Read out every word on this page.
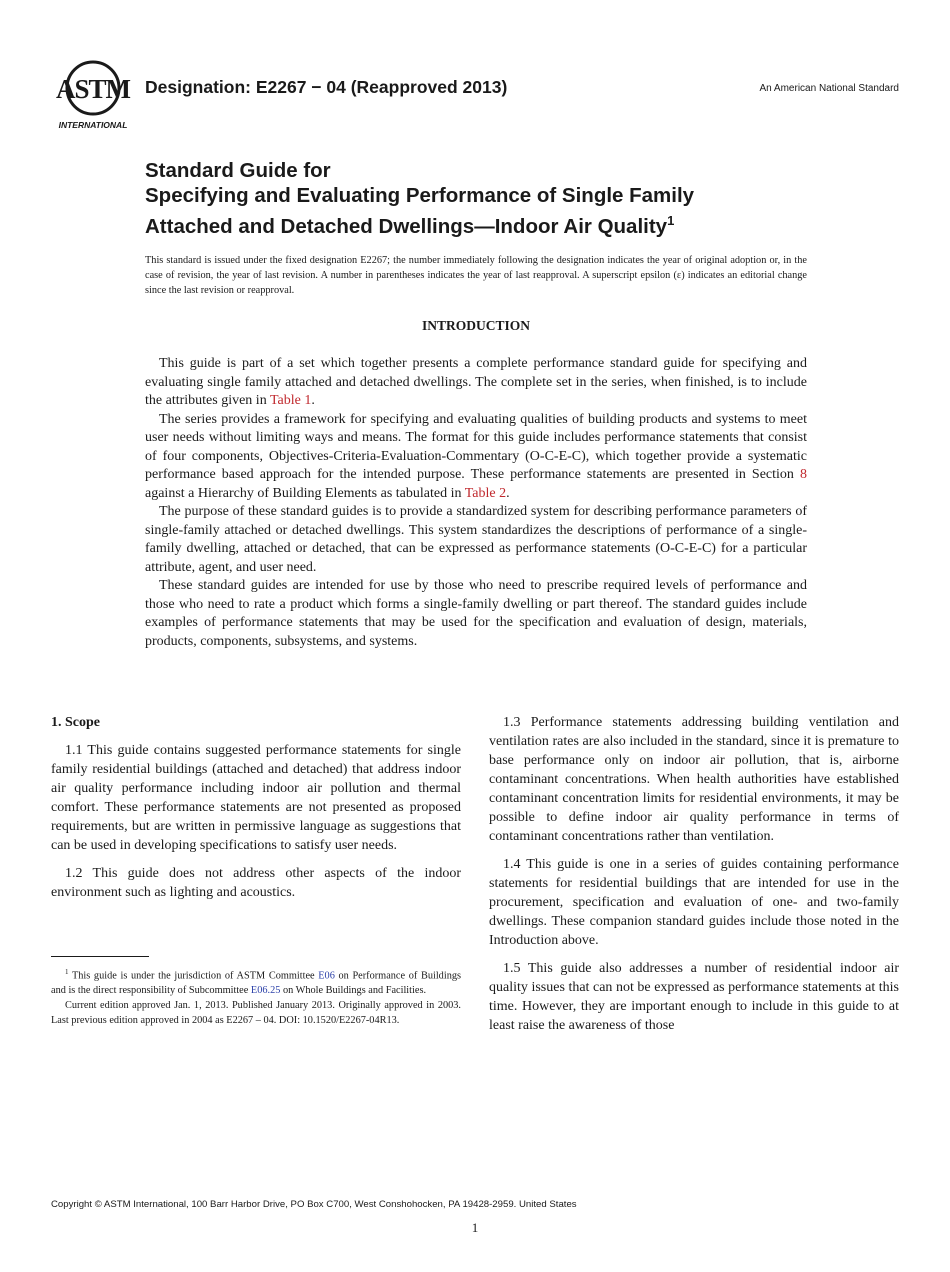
ASTM
INTERNATIONAL
Designation: E2267 − 04 (Reapproved 2013)	An American National Standard
Standard Guide for
Specifying and Evaluating Performance of Single Family
Attached and Detached Dwellings—Indoor Air Quality$^1$
This standard is issued under the fixed designation E2267; the number immediately following the designation indicates the year of original adoption or, in the case of revision, the year of last revision. A number in parentheses indicates the year of last reapproval. A superscript epsilon (ε) indicates an editorial change since the last revision or reapproval.
INTRODUCTION

This guide is part of a set which together presents a complete performance standard guide for specifying and evaluating single family attached and detached dwellings. The complete set in the series, when finished, is to include the attributes given in Table 1.

The series provides a framework for specifying and evaluating qualities of building products and systems to meet user needs without limiting ways and means. The format for this guide includes performance statements that consist of four components, Objectives-Criteria-Evaluation-Commentary (O-C-E-C), which together provide a systematic performance based approach for the intended purpose. These performance statements are presented in Section 8 against a Hierarchy of Building Elements as tabulated in Table 2.

The purpose of these standard guides is to provide a standardized system for describing performance parameters of single-family attached or detached dwellings. This system standardizes the descriptions of performance of a single-family dwelling, attached or detached, that can be expressed as performance statements (O-C-E-C) for a particular attribute, agent, and user need.

These standard guides are intended for use by those who need to prescribe required levels of performance and those who need to rate a product which forms a single-family dwelling or part thereof. The standard guides include examples of performance statements that may be used for the specification and evaluation of design, materials, products, components, subsystems, and systems.

1. Scope

1.1 This guide contains suggested performance statements for single family residential buildings (attached and detached) that address indoor air quality performance including indoor air pollution and thermal comfort. These performance statements are not presented as proposed requirements, but are written in permissive language as suggestions that can be used in developing specifications to satisfy user needs.

1.2 This guide does not address other aspects of the indoor environment such as lighting and acoustics.

1.3 Performance statements addressing building ventilation and ventilation rates are also included in the standard, since it is premature to base performance only on indoor air pollution, that is, airborne contaminant concentrations. When health authorities have established contaminant concentration limits for residential environments, it may be possible to define indoor air quality performance in terms of contaminant concentrations rather than ventilation.

1.4 This guide is one in a series of guides containing performance statements for residential buildings that are intended for use in the procurement, specification and evaluation of one- and two-family dwellings. These companion standard guides include those noted in the Introduction above.

1.5 This guide also addresses a number of residential indoor air quality issues that can not be expressed as performance statements at this time. However, they are important enough to include in this guide to at least raise the awareness of those

$^1$ This guide is under the jurisdiction of ASTM Committee E06 on Performance of Buildings and is the direct responsibility of Subcommittee E06.25 on Whole Buildings and Facilities.

Current edition approved Jan. 1, 2013. Published January 2013. Originally approved in 2003. Last previous edition approved in 2004 as E2267 – 04. DOI: 10.1520/E2267-04R13.

Copyright © ASTM International, 100 Barr Harbor Drive, PO Box C700, West Conshohocken, PA 19428-2959. United States
1
